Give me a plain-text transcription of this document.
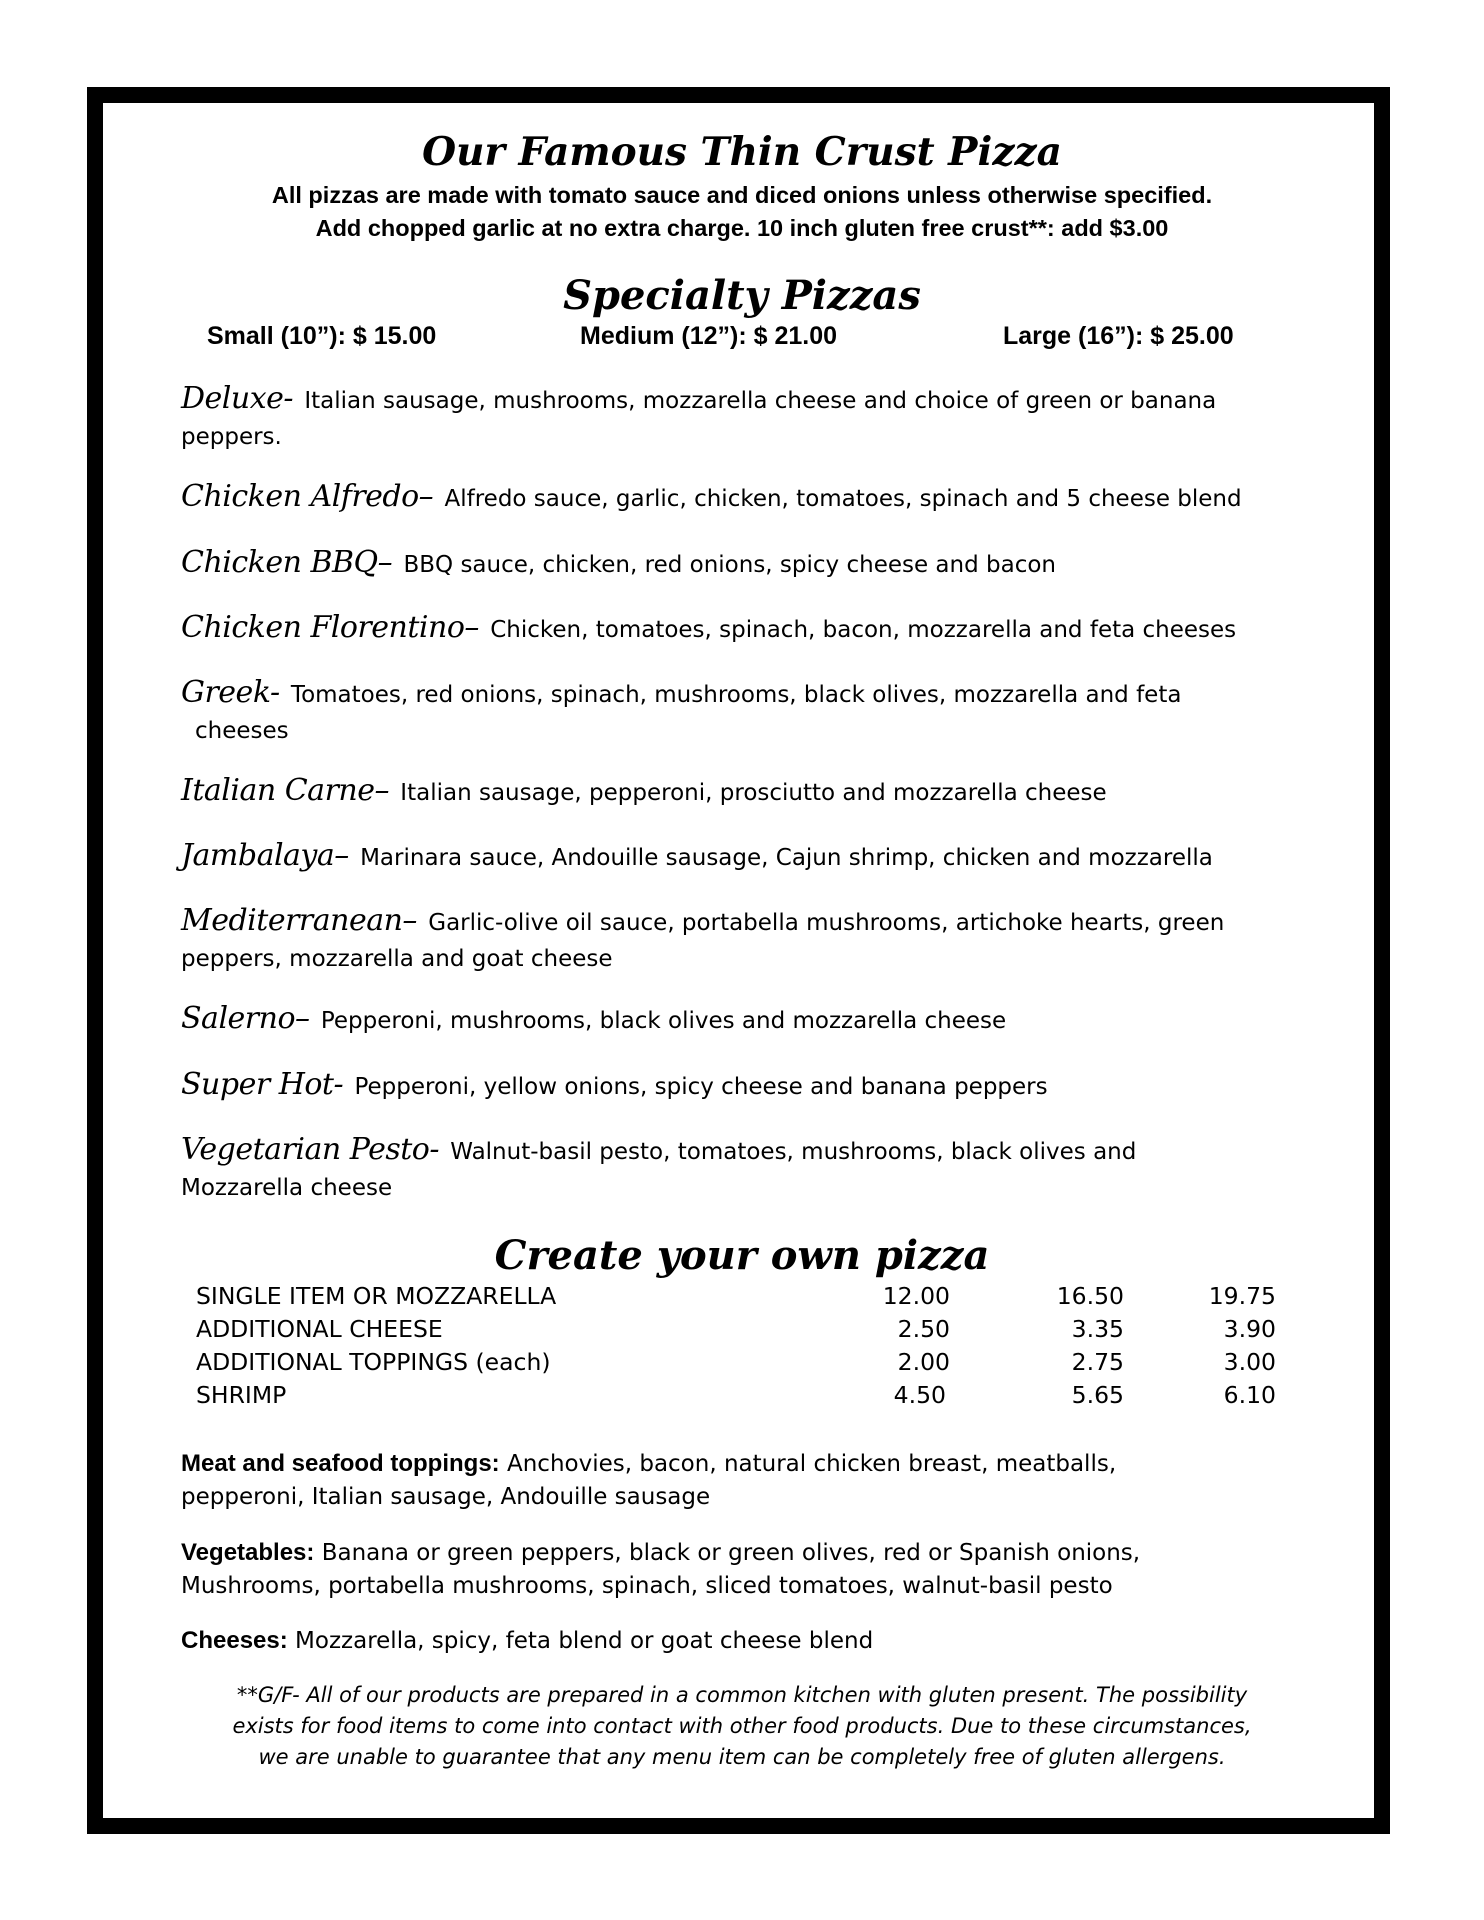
Our Famous Thin Crust Pizza

All pizzas are made with tomato sauce and diced onions unless otherwise specified.

Add chopped garlic at no extra charge. 10 inch gluten free crust**: add $3.00

Specialty Pizzas
Small (10”): $ 15.00	Medium (12”): $ 21.00	Large (16”): $ 25.00
Deluxe- Italian sausage, mushrooms, mozzarella cheese and choice of green or banana peppers.
Chicken Alfredo– Alfredo sauce, garlic, chicken, tomatoes, spinach and 5 cheese blend
Chicken BBQ– BBQ sauce, chicken, red onions, spicy cheese and bacon
Chicken Florentino– Chicken, tomatoes, spinach, bacon, mozzarella and feta cheeses
Greek- Tomatoes, red onions, spinach, mushrooms, black olives, mozzarella and feta
cheeses
Italian Carne– Italian sausage, pepperoni, prosciutto and mozzarella cheese
Jambalaya– Marinara sauce, Andouille sausage, Cajun shrimp, chicken and mozzarella
Mediterranean– Garlic-olive oil sauce, portabella mushrooms, artichoke hearts, green peppers, mozzarella and goat cheese
Salerno– Pepperoni, mushrooms, black olives and mozzarella cheese
Super Hot- Pepperoni, yellow onions, spicy cheese and banana peppers
Vegetarian Pesto- Walnut-basil pesto, tomatoes, mushrooms, black olives and Mozzarella cheese
Create your own pizza
SINGLE ITEM OR MOZZARELLA	12.00	16.50	19.75
ADDITIONAL CHEESE	2.50	3.35	3.90
ADDITIONAL TOPPINGS (each)	2.00	2.75	3.00
SHRIMP	4.50	5.65	6.10
Meat and seafood toppings: Anchovies, bacon, natural chicken breast, meatballs, pepperoni, Italian sausage, Andouille sausage
Vegetables: Banana or green peppers, black or green olives, red or Spanish onions, Mushrooms, portabella mushrooms, spinach, sliced tomatoes, walnut-basil pesto
Cheeses: Mozzarella, spicy, feta blend or goat cheese blend
**G/F- All of our products are prepared in a common kitchen with gluten present. The possibility
exists for food items to come into contact with other food products. Due to these circumstances,
we are unable to guarantee that any menu item can be completely free of gluten allergens.
